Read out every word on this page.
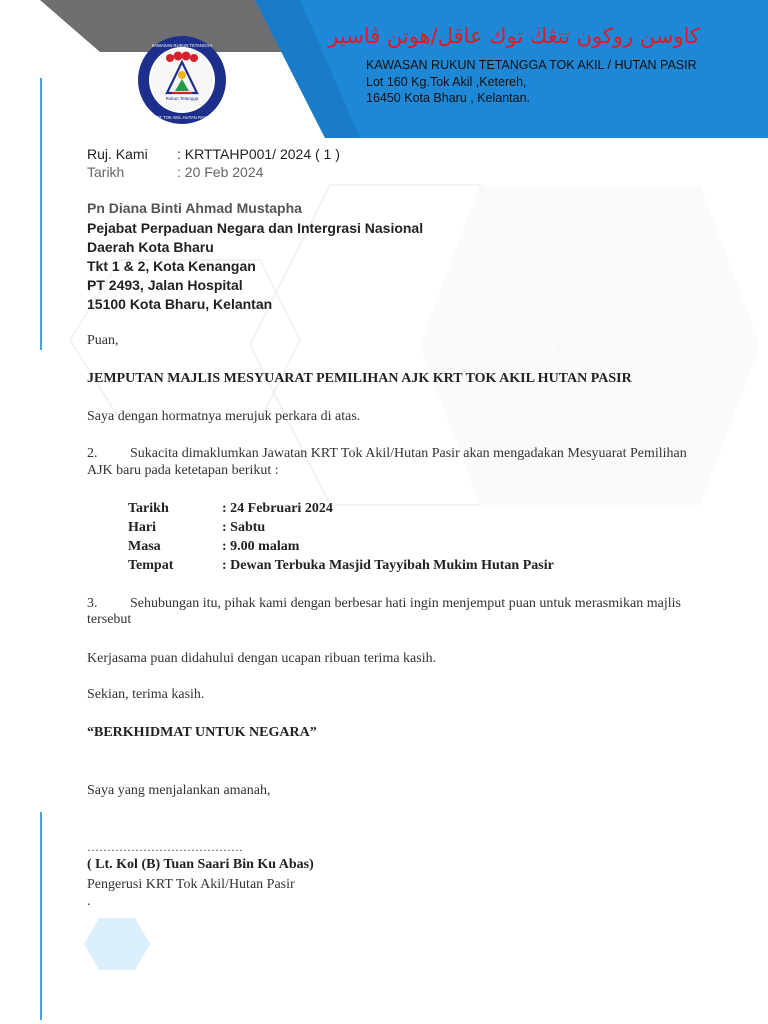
Rukun Tetangga
KAWASAN RUKUN TETANGGA
KRT TOK AKIL HUTAN PASIR
كاوسن روكون تتڠڬ توك عاقل/هوتن ڤاسير
KAWASAN RUKUN TETANGGA TOK AKIL / HUTAN PASIR
Lot 160 Kg.Tok Akil ,Ketereh,
16450 Kota Bharu , Kelantan.
Ruj. Kami : KRTTAHP001/ 2024 ( 1 )
Tarikh	: 20 Feb 2024
Pn Diana Binti Ahmad Mustapha
Pejabat Perpaduan Negara dan Intergrasi Nasional
Daerah Kota Bharu
Tkt 1 & 2, Kota Kenangan
PT 2493, Jalan Hospital
15100 Kota Bharu, Kelantan
Puan,
JEMPUTAN MAJLIS MESYUARAT PEMILIHAN AJK KRT TOK AKIL HUTAN PASIR
Saya dengan hormatnya merujuk perkara di atas.
2. Sukacita dimaklumkan Jawatan KRT Tok Akil/Hutan Pasir akan mengadakan Mesyuarat Pemilihan
AJK baru pada ketetapan berikut :
Tarikh	: 24 Februari 2024
Hari	: Sabtu
Masa	: 9.00 malam
Tempat	: Dewan Terbuka Masjid Tayyibah Mukim Hutan Pasir
3. Sehubungan itu, pihak kami dengan berbesar hati ingin menjemput puan untuk merasmikan majlis
tersebut
Kerjasama puan didahului dengan ucapan ribuan terima kasih.
Sekian, terima kasih.
“BERKHIDMAT UNTUK NEGARA”
Saya yang menjalankan amanah,
…………………………………
( Lt. Kol (B) Tuan Saari Bin Ku Abas)
Pengerusi KRT Tok Akil/Hutan Pasir
.
